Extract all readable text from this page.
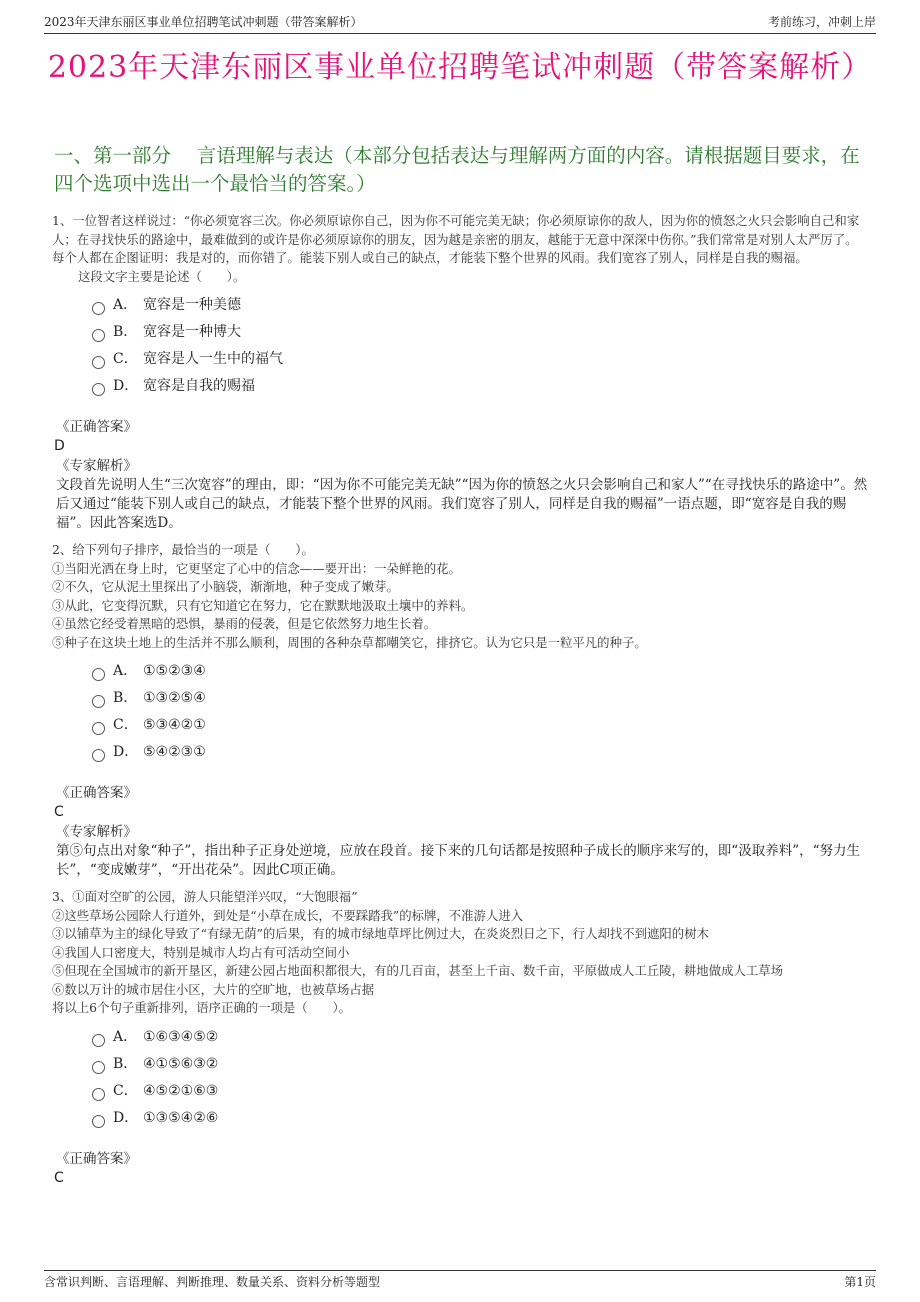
2023年天津东丽区事业单位招聘笔试冲刺题（带答案解析）	考前练习，冲刺上岸
2023年天津东丽区事业单位招聘笔试冲刺题（带答案解析）
一、第一部分　 言语理解与表达（本部分包括表达与理解两方面的内容。请根据题目要求，在四个选项中选出一个最恰当的答案。）
1、一位智者这样说过：“你必须宽容三次。你必须原谅你自己，因为你不可能完美无缺；你必须原谅你的敌人，因为你的愤怒之火只会影响自己和家人；在寻找快乐的路途中，最难做到的或许是你必须原谅你的朋友，因为越是亲密的朋友，越能于无意中深深中伤你。”我们常常是对别人太严厉了。每个人都在企图证明：我是对的，而你错了。能装下别人或自己的缺点，才能装下整个世界的风雨。我们宽容了别人，同样是自我的赐福。
这段文字主要是论述（　　）。
A． 宽容是一种美德
B． 宽容是一种博大
C． 宽容是人一生中的福气
D． 宽容是自我的赐福
《正确答案》
D
《专家解析》
文段首先说明人生“三次宽容”的理由，即：“因为你不可能完美无缺”“因为你的愤怒之火只会影响自己和家人”“在寻找快乐的路途中”。然后又通过“能装下别人或自己的缺点，才能装下整个世界的风雨。我们宽容了别人，同样是自我的赐福”一语点题，即“宽容是自我的赐福”。因此答案选D。
2、给下列句子排序，最恰当的一项是（　　）。
①当阳光洒在身上时，它更坚定了心中的信念——要开出：一朵鲜艳的花。
②不久，它从泥土里探出了小脑袋，渐渐地，种子变成了嫩芽。
③从此，它变得沉默，只有它知道它在努力，它在默默地汲取土壤中的养料。
④虽然它经受着黑暗的恐惧，暴雨的侵袭，但是它依然努力地生长着。
⑤种子在这块土地上的生活并不那么顺利，周围的各种杂草都嘲笑它，排挤它。认为它只是一粒平凡的种子。
A． ①⑤②③④
B． ①③②⑤④
C． ⑤③④②①
D． ⑤④②③①
《正确答案》
C
《专家解析》
第⑤句点出对象“种子”，指出种子正身处逆境，应放在段首。接下来的几句话都是按照种子成长的顺序来写的，即“汲取养料”，“努力生长”，“变成嫩芽”，“开出花朵”。因此C项正确。
3、①面对空旷的公园，游人只能望洋兴叹，“大饱眼福”
②这些草场公园除人行道外，到处是“小草在成长，不要踩踏我”的标牌，不准游人进入
③以铺草为主的绿化导致了“有绿无荫”的后果，有的城市绿地草坪比例过大，在炎炎烈日之下，行人却找不到遮阳的树木
④我国人口密度大，特别是城市人均占有可活动空间小
⑤但现在全国城市的新开垦区，新建公园占地面积都很大，有的几百亩，甚至上千亩、数千亩，平原做成人工丘陵，耕地做成人工草场
⑥数以万计的城市居住小区，大片的空旷地，也被草场占据
将以上6个句子重新排列，语序正确的一项是（　　）。
A． ①⑥③④⑤②
B． ④①⑤⑥③②
C． ④⑤②①⑥③
D． ①③⑤④②⑥
《正确答案》
C
含常识判断、言语理解、判断推理、数量关系、资料分析等题型	第1页
